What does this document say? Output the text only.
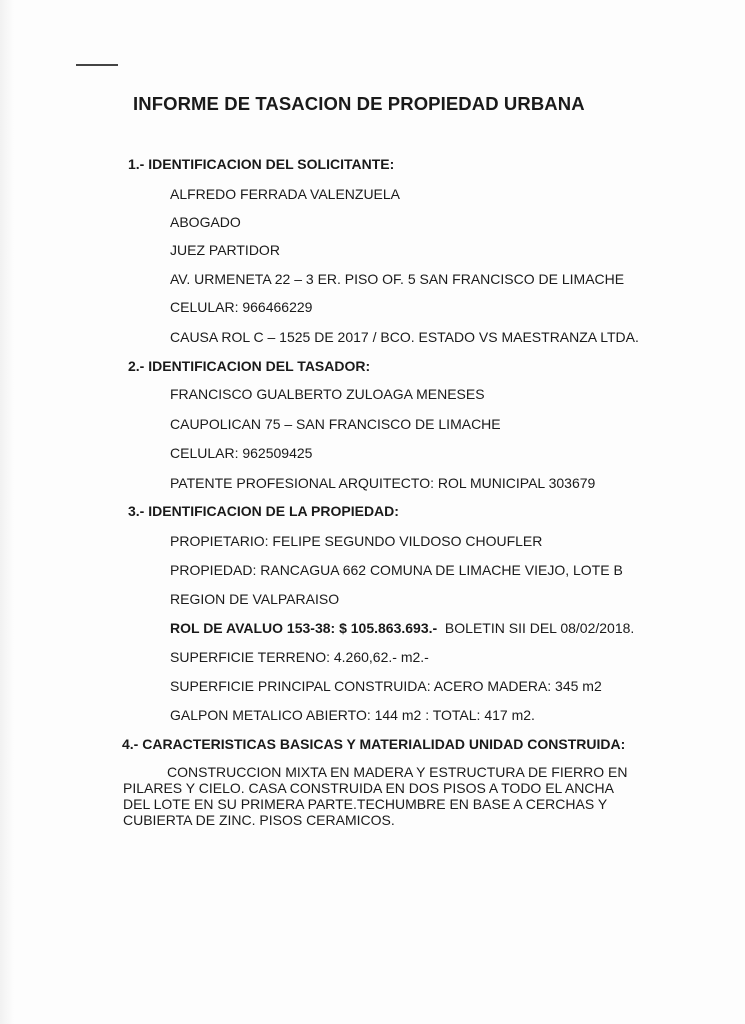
INFORME DE TASACION DE PROPIEDAD URBANA
1.- IDENTIFICACION DEL SOLICITANTE:
ALFREDO FERRADA VALENZUELA
ABOGADO
JUEZ PARTIDOR
AV. URMENETA 22 – 3 ER. PISO OF. 5 SAN FRANCISCO DE LIMACHE
CELULAR: 966466229
CAUSA ROL C – 1525 DE 2017 / BCO. ESTADO VS MAESTRANZA LTDA.
2.- IDENTIFICACION DEL TASADOR:
FRANCISCO GUALBERTO ZULOAGA MENESES
CAUPOLICAN 75 – SAN FRANCISCO DE LIMACHE
CELULAR: 962509425
PATENTE PROFESIONAL ARQUITECTO: ROL MUNICIPAL 303679
3.- IDENTIFICACION DE LA PROPIEDAD:
PROPIETARIO: FELIPE SEGUNDO VILDOSO CHOUFLER
PROPIEDAD: RANCAGUA 662 COMUNA DE LIMACHE VIEJO, LOTE B
REGION DE VALPARAISO
ROL DE AVALUO 153-38: $ 105.863.693.-  BOLETIN SII DEL 08/02/2018.
SUPERFICIE TERRENO: 4.260,62.- m2.-
SUPERFICIE PRINCIPAL CONSTRUIDA: ACERO MADERA: 345 m2
GALPON METALICO ABIERTO: 144 m2 : TOTAL: 417 m2.
4.- CARACTERISTICAS BASICAS Y MATERIALIDAD UNIDAD CONSTRUIDA:
CONSTRUCCION MIXTA EN MADERA Y ESTRUCTURA DE FIERRO EN
PILARES Y CIELO. CASA CONSTRUIDA EN DOS PISOS A TODO EL ANCHA
DEL LOTE EN SU PRIMERA PARTE.TECHUMBRE EN BASE A CERCHAS Y
CUBIERTA DE ZINC. PISOS CERAMICOS.
